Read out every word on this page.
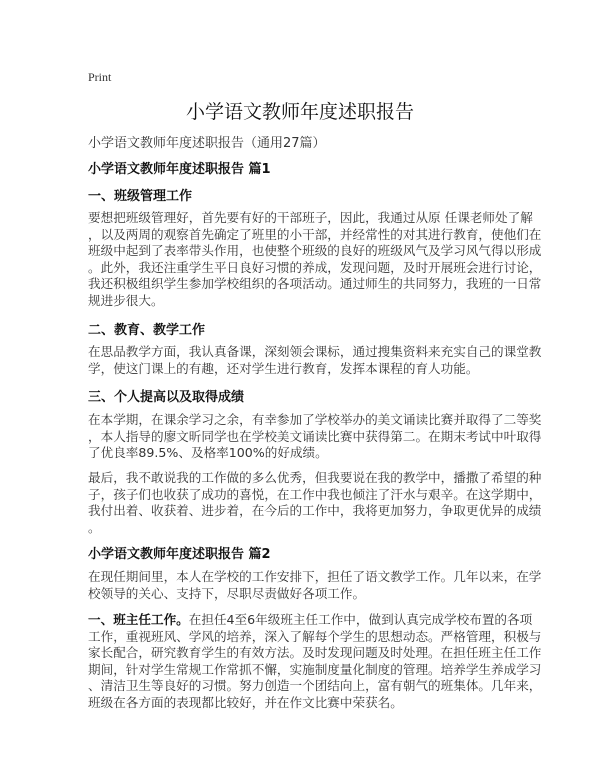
Print
小学语文教师年度述职报告
小学语文教师年度述职报告（通用27篇）
小学语文教师年度述职报告 篇1
一、班级管理工作
要想把班级管理好，首先要有好的干部班子，因此，我通过从原 任课老师处了解
，以及两周的观察首先确定了班里的小干部，并经常性的对其进行教育，使他们在
班级中起到了表率带头作用，也使整个班级的良好的班级风气及学习风气得以形成
。此外，我还注重学生平日良好习惯的养成，发现问题，及时开展班会进行讨论，
我还积极组织学生参加学校组织的各项活动。通过师生的共同努力，我班的一日常
规进步很大。
二、教育、教学工作
在思品教学方面，我认真备课，深刻领会课标，通过搜集资料来充实自己的课堂教
学，使这门课上的有趣，还对学生进行教育，发挥本课程的育人功能。
三、个人提高以及取得成绩
在本学期，在课余学习之余，有幸参加了学校举办的美文诵读比赛并取得了二等奖
，本人指导的廖文昕同学也在学校美文诵读比赛中获得第二。在期末考试中叶取得
了优良率89.5%、及格率100%的好成绩。
最后，我不敢说我的工作做的多么优秀，但我要说在我的教学中，播撒了希望的种
子，孩子们也收获了成功的喜悦，在工作中我也倾注了汗水与艰辛。在这学期中，
我付出着、收获着、进步着，在今后的工作中，我将更加努力，争取更优异的成绩
。
小学语文教师年度述职报告 篇2
在现任期间里，本人在学校的工作安排下，担任了语文教学工作。几年以来，在学
校领导的关心、支持下，尽职尽责做好各项工作。
一、班主任工作。在担任4至6年级班主任工作中，做到认真完成学校布置的各项
工作，重视班风、学风的培养，深入了解每个学生的思想动态。严格管理，积极与
家长配合，研究教育学生的有效方法。及时发现问题及时处理。在担任班主任工作
期间，针对学生常规工作常抓不懈，实施制度量化制度的管理。培养学生养成学习
、清洁卫生等良好的习惯。努力创造一个团结向上，富有朝气的班集体。几年来，
班级在各方面的表现都比较好，并在作文比赛中荣获名。
